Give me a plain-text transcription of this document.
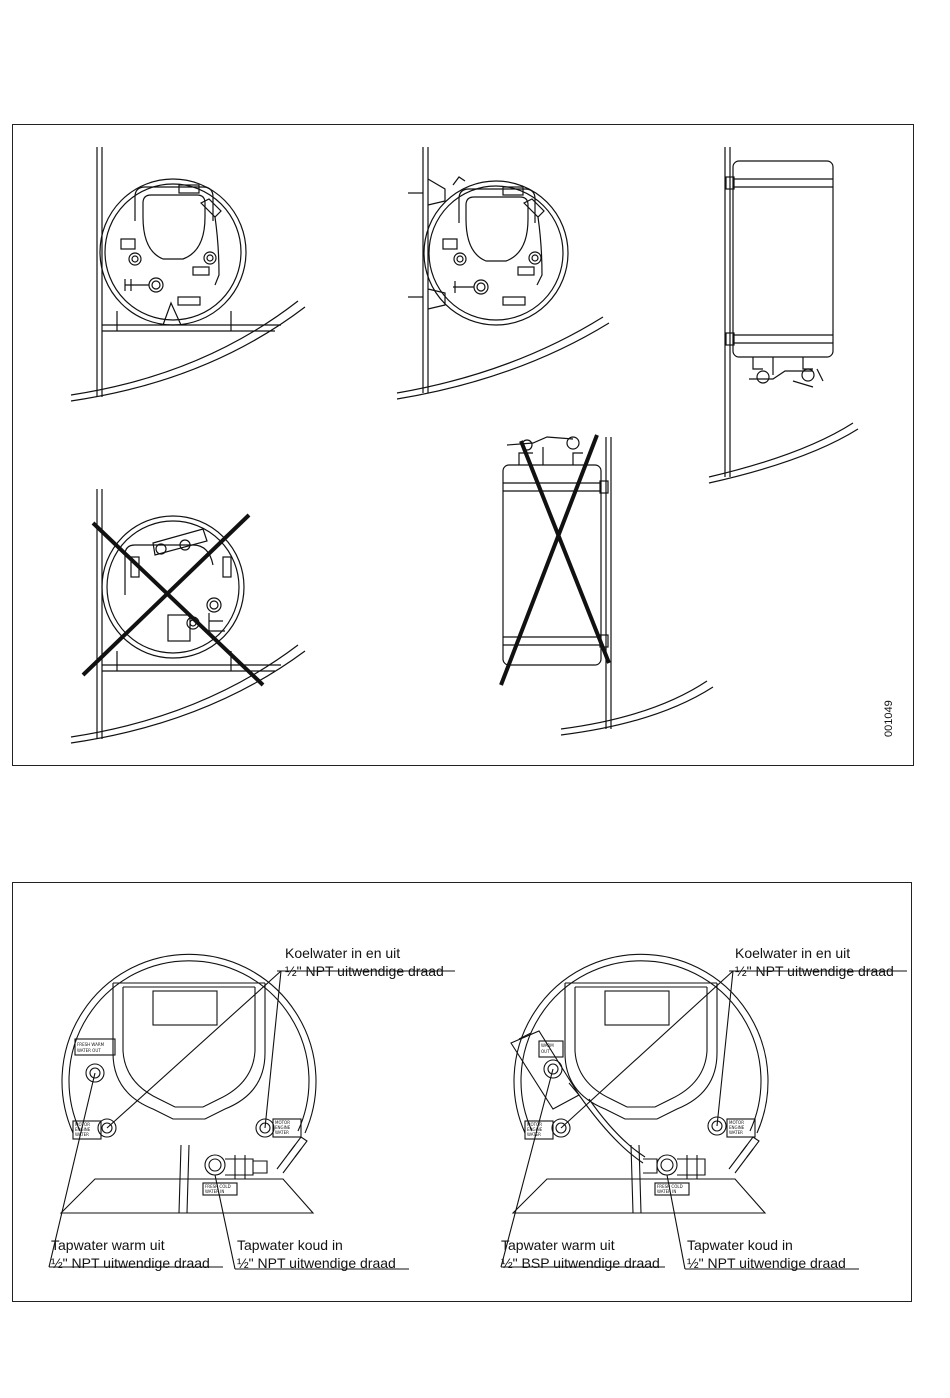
001049
FRESH WARM
WATER OUT
MOTOR
ENGINE
WATER
MOTOR
ENGINE
WATER
FRESH COLD
WATER IN
WARM
OUT
MOTOR
ENGINE
WATER
MOTOR
ENGINE
WATER
FRESH COLD
WATER IN
Koelwater in en uit
½" NPT uitwendige draad
Tapwater warm uit
½" NPT uitwendige draad
Tapwater koud in
½" NPT uitwendige draad
Koelwater in en uit
½" NPT uitwendige draad
Tapwater warm uit
½" BSP uitwendige draad
Tapwater koud in
½" NPT uitwendige draad
